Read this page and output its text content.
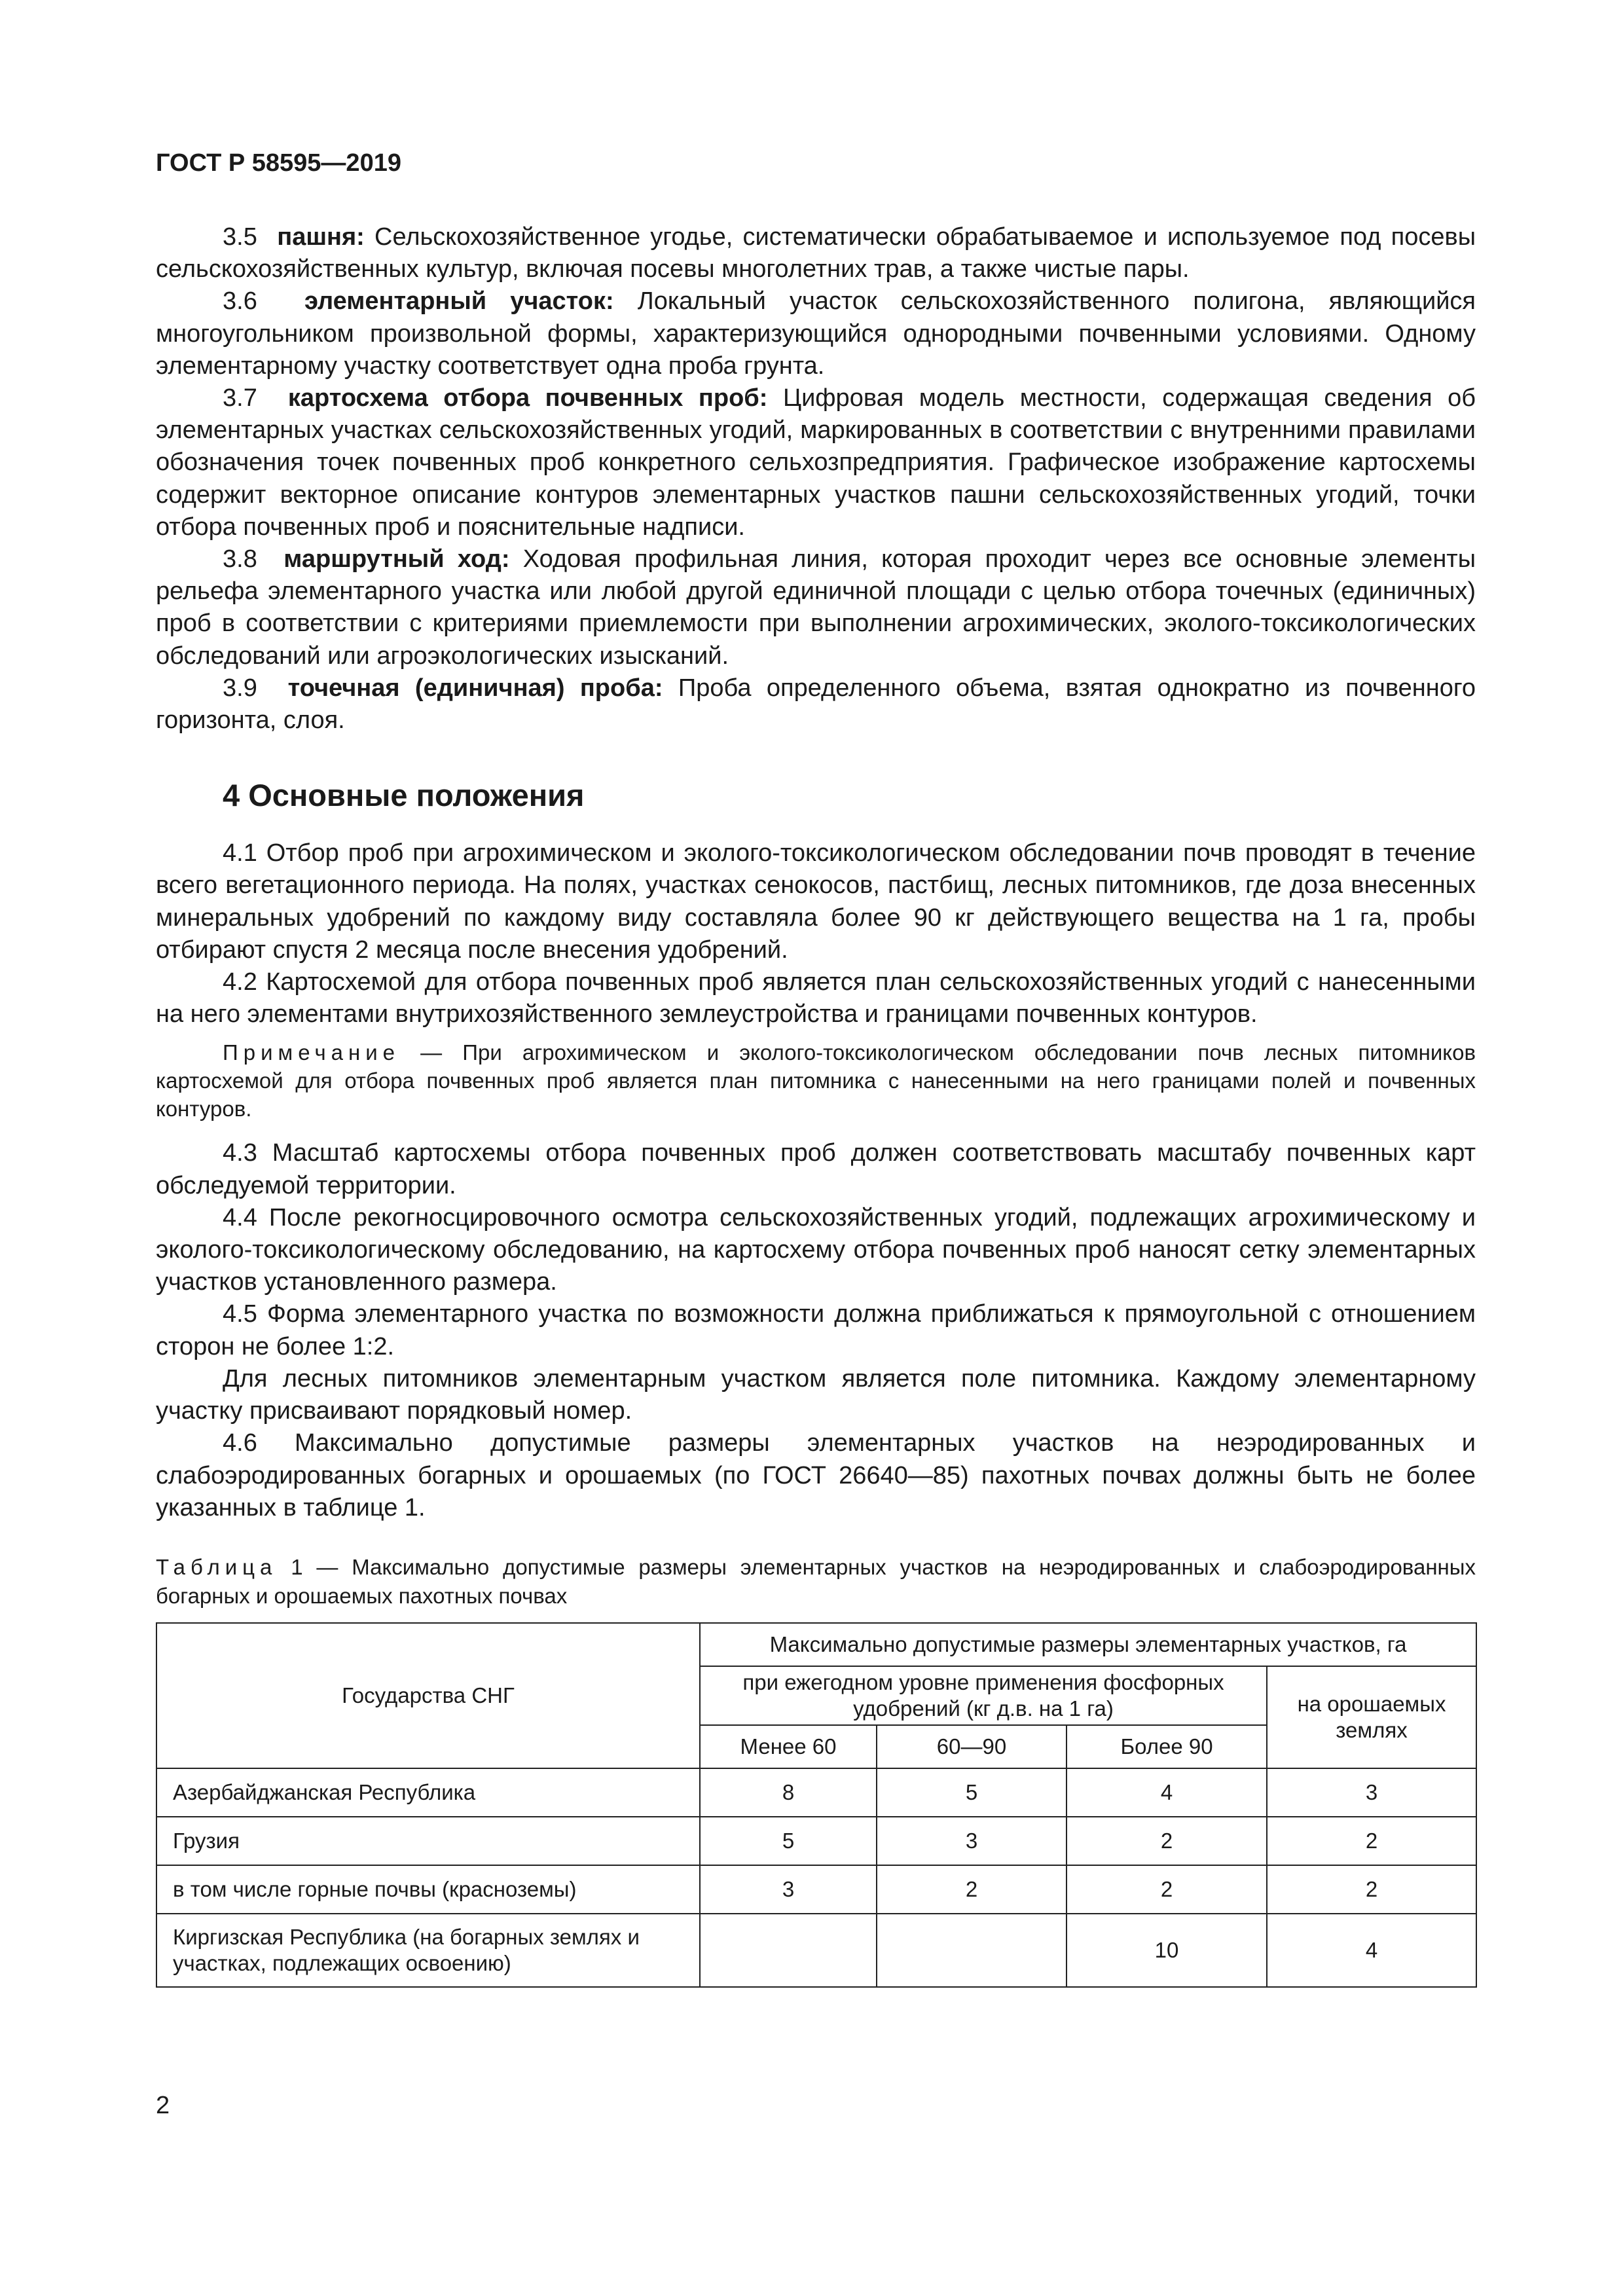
ГОСТ Р 58595—2019

3.5 пашня: Сельскохозяйственное угодье, систематически обрабатываемое и используемое под посевы сельскохозяйственных культур, включая посевы многолетних трав, а также чистые пары.

3.6 элементарный участок: Локальный участок сельскохозяйственного полигона, являющийся многоугольником произвольной формы, характеризующийся однородными почвенными условиями. Одному элементарному участку соответствует одна проба грунта.

3.7 картосхема отбора почвенных проб: Цифровая модель местности, содержащая сведения об элементарных участках сельскохозяйственных угодий, маркированных в соответствии с внутренними правилами обозначения точек почвенных проб конкретного сельхозпредприятия. Графическое изображение картосхемы содержит векторное описание контуров элементарных участков пашни сельскохозяйственных угодий, точки отбора почвенных проб и пояснительные надписи.

3.8 маршрутный ход: Ходовая профильная линия, которая проходит через все основные элементы рельефа элементарного участка или любой другой единичной площади с целью отбора точечных (единичных) проб в соответствии с критериями приемлемости при выполнении агрохимических, эколого-токсикологических обследований или агроэкологических изысканий.

3.9 точечная (единичная) проба: Проба определенного объема, взятая однократно из почвенного горизонта, слоя.

4 Основные положения

4.1 Отбор проб при агрохимическом и эколого-токсикологическом обследовании почв проводят в течение всего вегетационного периода. На полях, участках сенокосов, пастбищ, лесных питомников, где доза внесенных минеральных удобрений по каждому виду составляла более 90 кг действующего вещества на 1 га, пробы отбирают спустя 2 месяца после внесения удобрений.

4.2 Картосхемой для отбора почвенных проб является план сельскохозяйственных угодий с нанесенными на него элементами внутрихозяйственного землеустройства и границами почвенных контуров.

Примечание — При агрохимическом и эколого-токсикологическом обследовании почв лесных питомников картосхемой для отбора почвенных проб является план питомника с нанесенными на него границами полей и почвенных контуров.

4.3 Масштаб картосхемы отбора почвенных проб должен соответствовать масштабу почвенных карт обследуемой территории.

4.4 После рекогносцировочного осмотра сельскохозяйственных угодий, подлежащих агрохимическому и эколого-токсикологическому обследованию, на картосхему отбора почвенных проб наносят сетку элементарных участков установленного размера.

4.5 Форма элементарного участка по возможности должна приближаться к прямоугольной с отношением сторон не более 1:2.

Для лесных питомников элементарным участком является поле питомника. Каждому элементарному участку присваивают порядковый номер.

4.6 Максимально допустимые размеры элементарных участков на неэродированных и слабоэродированных богарных и орошаемых (по ГОСТ 26640—85) пахотных почвах должны быть не более указанных в таблице 1.

Таблица 1 — Максимально допустимые размеры элементарных участков на неэродированных и слабоэродированных богарных и орошаемых пахотных почвах
Государства СНГ	Максимально допустимые размеры элементарных участков, га			
	при ежегодном уровне применения фосфорных удобрений (кг д.в. на 1 га)			на орошаемых землях
	Менее 60	60—90	Более 90	
Азербайджанская Республика	8	5	4	3
Грузия	5	3	2	2
в том числе горные почвы (красноземы)	3	2	2	2
Киргизская Республика (на богарных землях и участках, подлежащих освоению)			10	4
2
